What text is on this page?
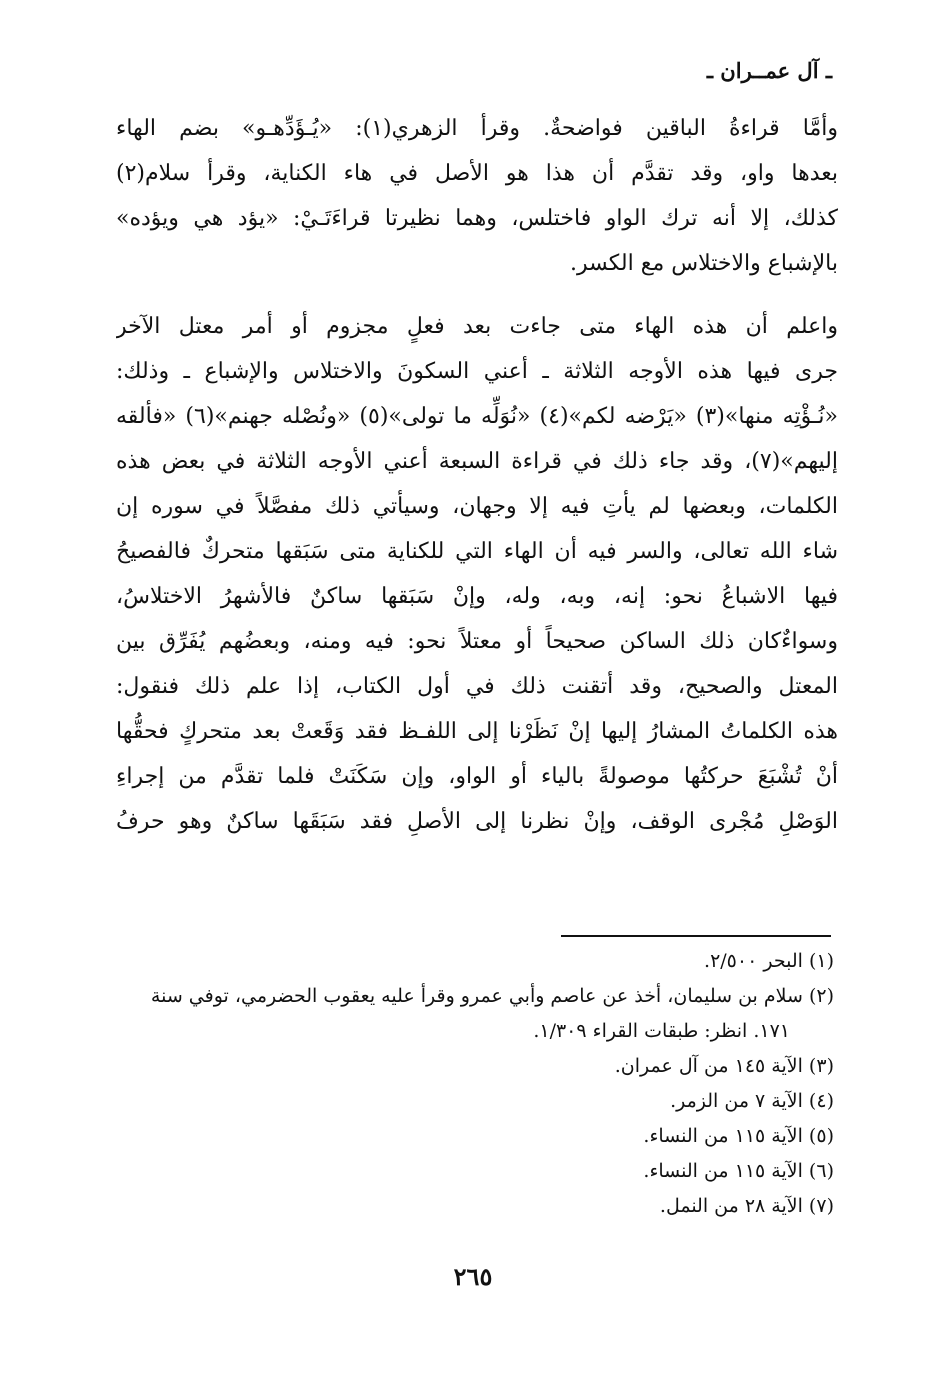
ـ آل عمــران ـ
وأمَّا قراءةُ الباقين فواضحةٌ. وقرأ الزهري(١): «يُـؤَدِّهـو» بضم الهاء
بعدها واو، وقد تقدَّم أن هذا هو الأصل في هاء الكناية، وقرأ سلام(٢)
كذلك، إلا أنه ترك الواو فاختلس، وهما نظيرتا قراءَتَـيْ: «يؤد هي ويؤده»
بالإشباع والاختلاس مع الكسر.
واعلم أن هذه الهاء متى جاءت بعد فعلٍ مجزوم أو أمر معتل الآخر
جرى فيها هذه الأوجه الثلاثة ـ أعني السكونَ والاختلاس والإشباع ـ وذلك:
«نُـؤْتِه منها»(٣) «يَرْضه لكم»(٤) «نُوَلِّه ما تولى»(٥) «ونُصْله جهنم»(٦) «فألقه
إليهم»(٧)، وقد جاء ذلك في قراءة السبعة أعني الأوجه الثلاثة في بعض هذه
الكلمات، وبعضها لم يأتِ فيه إلا وجهان، وسيأتي ذلك مفصَّلاً في سوره إن
شاء الله تعالى، والسر فيه أن الهاء التي للكناية متى سَبَقها متحركٌ فالفصيحُ
فيها الاشباعُ نحو: إنه، وبه، وله، وإنْ سَبَقها ساكنٌ فالأشهرُ الاختلاسُ،
وسواءٌكان ذلك الساكن صحيحاً أو معتلاً نحو: فيه ومنه، وبعضُهم يُفَرِّق بين
المعتل والصحيح، وقد أتقنت ذلك في أول الكتاب، إذا علم ذلك فنقول:
هذه الكلماتُ المشارُ إليها إنْ نَظَرْنا إلى اللفـظ فقد وَقَعتْ بعد متحركٍ فحقُّها
أنْ تُشْبَعَ حركتُها موصولةً بالياء أو الواو، وإن سَكَنَتْ فلما تقدَّم من إجراءِ
الوَصْلِ مُجْرى الوقف، وإنْ نظرنا إلى الأصلِ فقد سَبَقَها ساكنٌ وهو حرفُ
(١) البحر ٢/٥٠٠.
(٢) سلام بن سليمان، أخذ عن عاصم وأبي عمرو وقرأ عليه يعقوب الحضرمي، توفي سنة
١٧١. انظر: طبقات القراء ١/٣٠٩.
(٣) الآية ١٤٥ من آل عمران.
(٤) الآية ٧ من الزمر.
(٥) الآية ١١٥ من النساء.
(٦) الآية ١١٥ من النساء.
(٧) الآية ٢٨ من النمل.
٢٦٥
